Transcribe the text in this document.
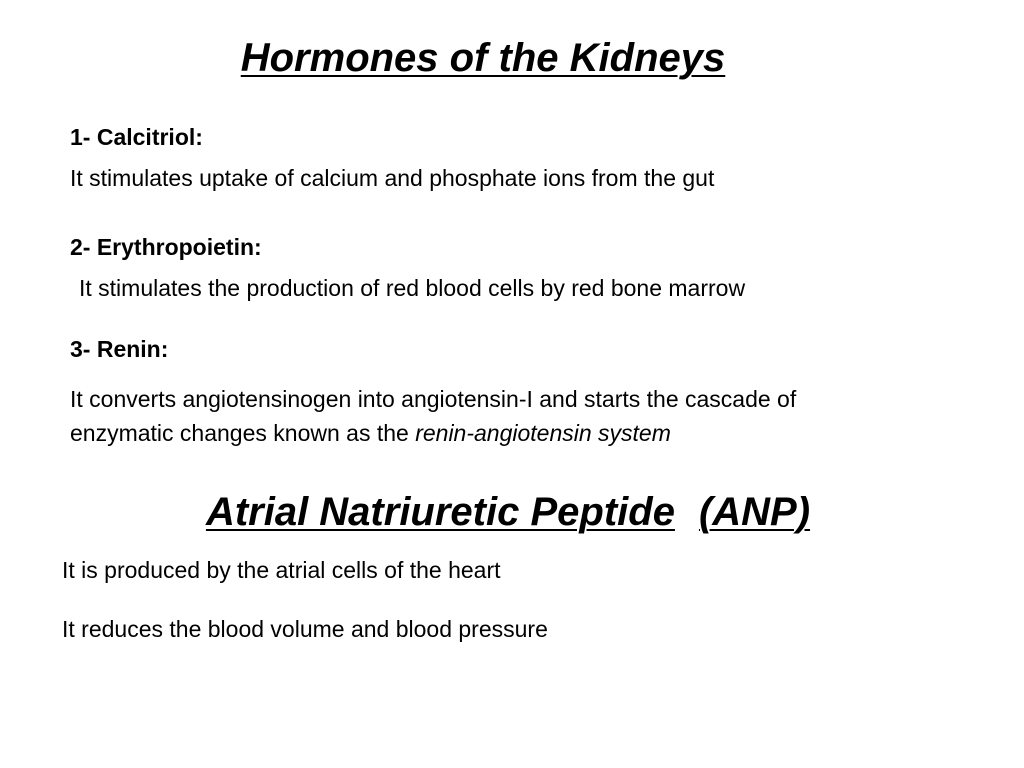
Hormones of the Kidneys
1- Calcitriol:
It stimulates uptake of calcium and phosphate ions from the gut
2- Erythropoietin:
It stimulates the production of red blood cells by red bone marrow
3- Renin:
It converts angiotensinogen into angiotensin-I and starts the cascade of
enzymatic changes known as the renin-angiotensin system
Atrial Natriuretic Peptide (ANP)
It is produced by the atrial cells of the heart
It reduces the blood volume and blood pressure
